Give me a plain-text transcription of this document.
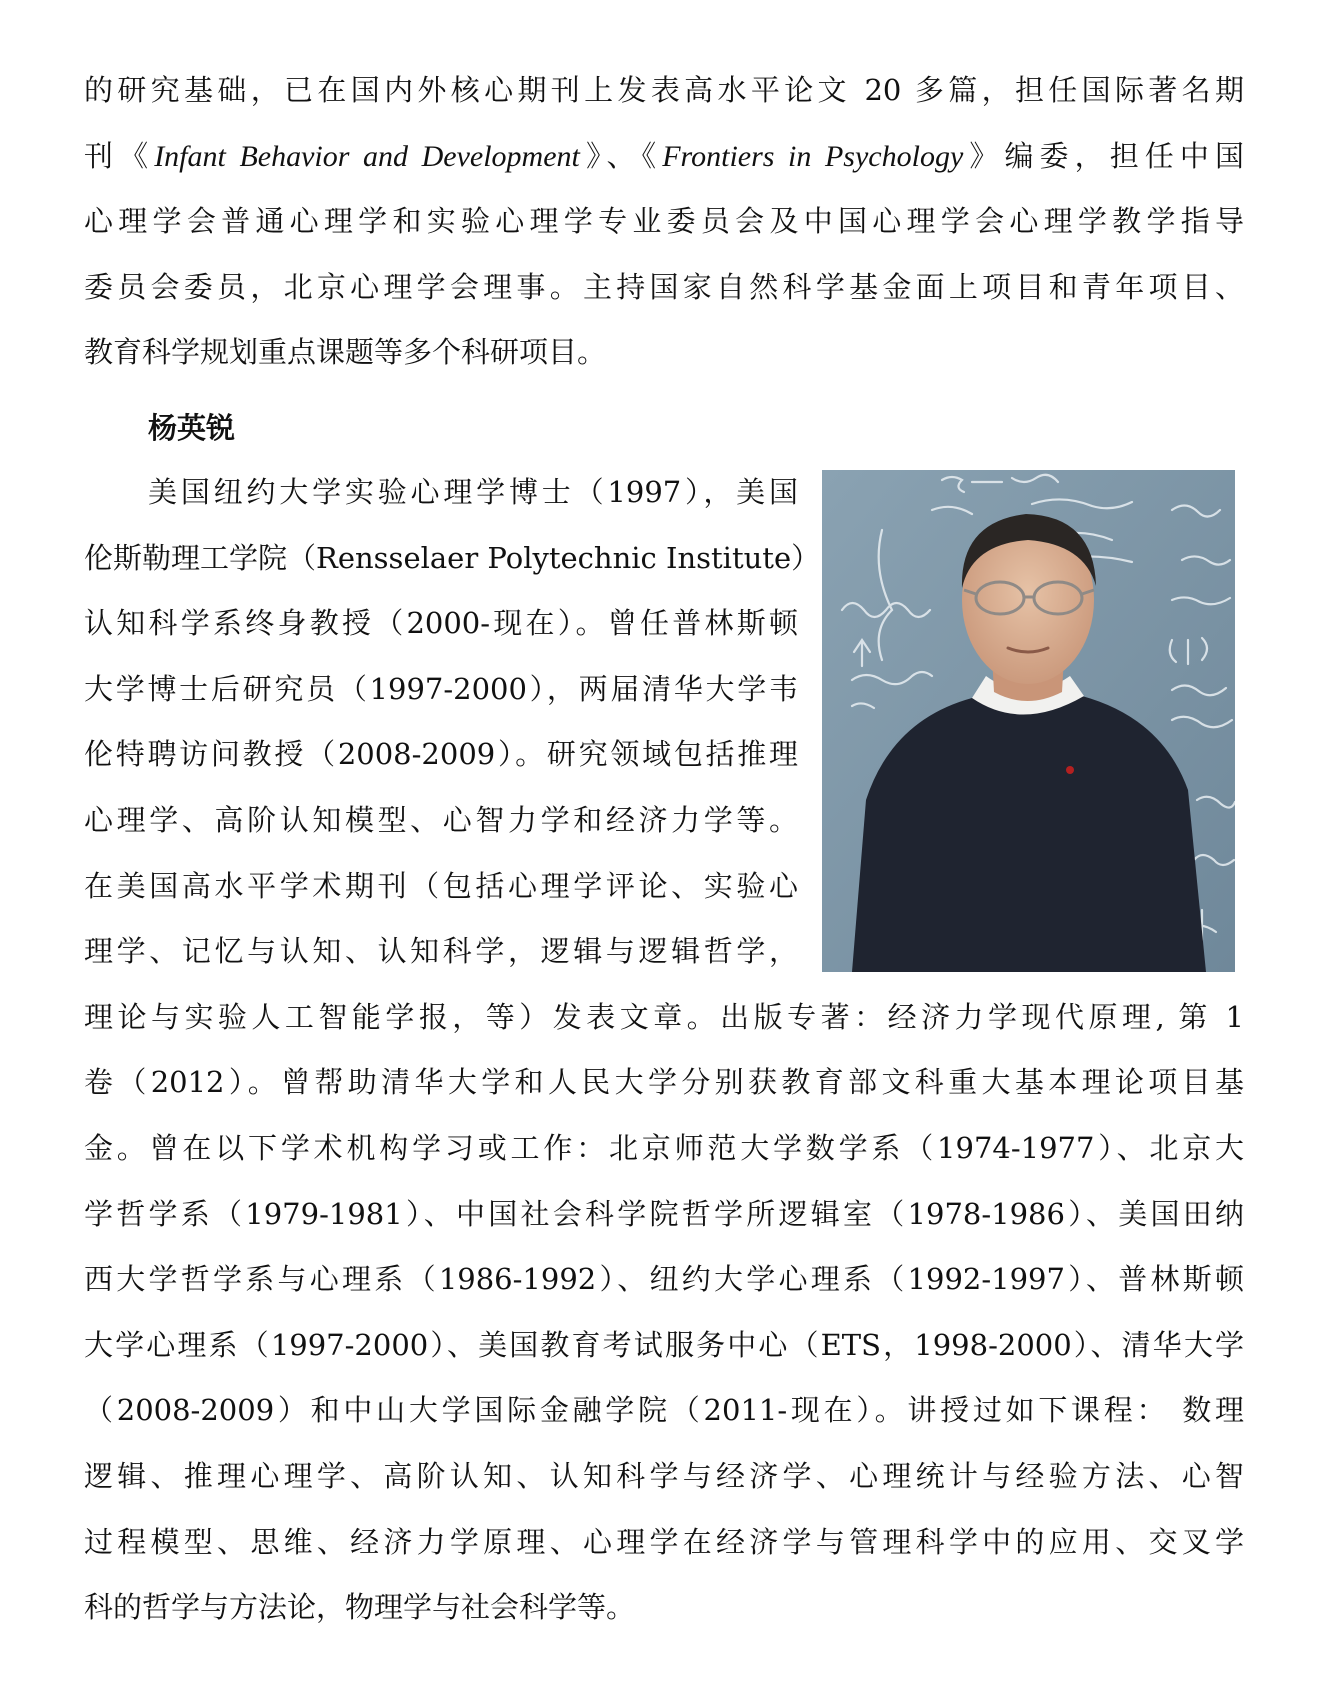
的研究基础，已在国内外核心期刊上发表高水平论文 20 多篇，担任国际著名期
刊《Infant Behavior and Development》、《Frontiers in Psychology》编委，担任中国
心理学会普通心理学和实验心理学专业委员会及中国心理学会心理学教学指导
委员会委员，北京心理学会理事。主持国家自然科学基金面上项目和青年项目、
教育科学规划重点课题等多个科研项目。
杨英锐
美国纽约大学实验心理学博士（1997），美国
伦斯勒理工学院（Rensselaer Polytechnic Institute）
认知科学系终身教授（2000-现在）。曾任普林斯顿
大学博士后研究员（1997-2000），两届清华大学韦
伦特聘访问教授（2008-2009）。研究领域包括推理
心理学、高阶认知模型、心智力学和经济力学等。
在美国高水平学术期刊（包括心理学评论、实验心
理学、记忆与认知、认知科学，逻辑与逻辑哲学，
理论与实验人工智能学报，等）发表文章。出版专著：经济力学现代原理, 第 1
卷（2012）。曾帮助清华大学和人民大学分别获教育部文科重大基本理论项目基
金。曾在以下学术机构学习或工作：北京师范大学数学系（1974-1977）、北京大
学哲学系（1979-1981）、中国社会科学院哲学所逻辑室（1978-1986）、美国田纳
西大学哲学系与心理系（1986-1992）、纽约大学心理系（1992-1997）、普林斯顿
大学心理系（1997-2000）、美国教育考试服务中心（ETS，1998-2000）、清华大学
（2008-2009）和中山大学国际金融学院（2011-现在）。讲授过如下课程： 数理
逻辑、推理心理学、高阶认知、认知科学与经济学、心理统计与经验方法、心智
过程模型、思维、经济力学原理、心理学在经济学与管理科学中的应用、交叉学
科的哲学与方法论，物理学与社会科学等。
